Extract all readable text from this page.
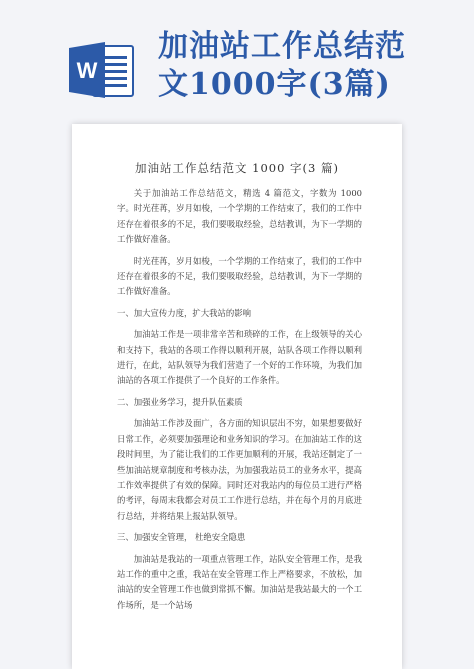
W
加油站工作总结范
文1000字(3篇)
加油站工作总结范文 1000 字(3 篇)

关于加油站工作总结范文，精选 4 篇范文，字数为 1000 字。时光荏苒，岁月如梭，一个学期的工作结束了，我们的工作中还存在着很多的不足，我们要吸取经验，总结教训，为下一学期的工作做好准备。

时光荏苒，岁月如梭，一个学期的工作结束了，我们的工作中还存在着很多的不足，我们要吸取经验，总结教训，为下一学期的工作做好准备。

一、加大宣传力度，扩大我站的影响

加油站工作是一项非常辛苦和琐碎的工作，在上级领导的关心和支持下，我站的各项工作得以顺利开展，站队各项工作得以顺利进行，在此，站队领导为我们营造了一个好的工作环境，为我们加油站的各项工作提供了一个良好的工作条件。

二、加强业务学习，提升队伍素质

加油站工作涉及面广，各方面的知识层出不穷，如果想要做好日常工作，必须要加强理论和业务知识的学习。在加油站工作的这段时间里，为了能让我们的工作更加顺利的开展，我站还制定了一些加油站规章制度和考核办法，为加强我站员工的业务水平，提高工作效率提供了有效的保障。同时还对我站内的每位员工进行严格的考评，每周末我都会对员工工作进行总结，并在每个月的月底进行总结，并将结果上报站队领导。

三、加强安全管理， 杜绝安全隐患

加油站是我站的一项重点管理工作，站队安全管理工作，是我站工作的重中之重，我站在安全管理工作上严格要求，不放松，加油站的安全管理工作也做到常抓不懈。加油站是我站最大的一个工作场所，是一个站场
